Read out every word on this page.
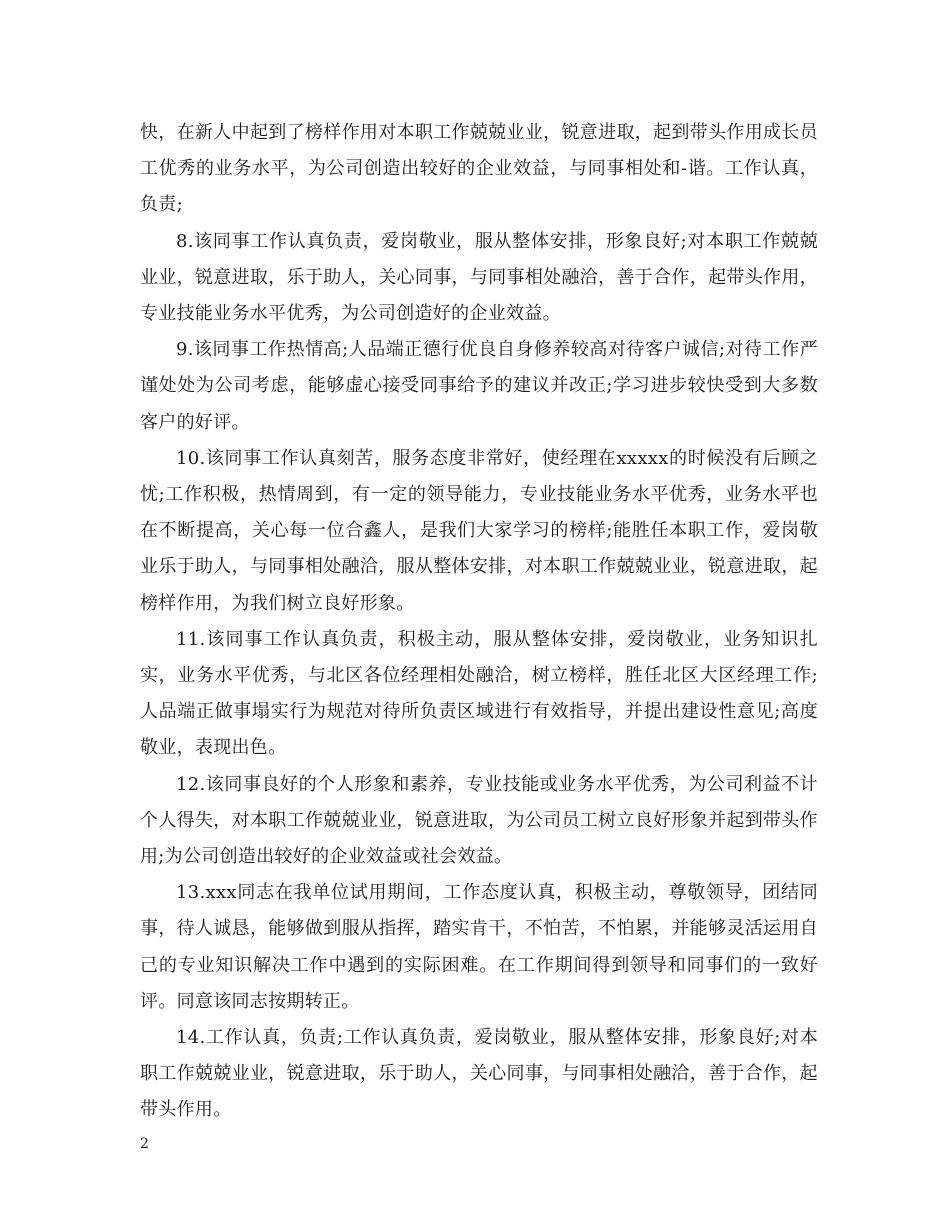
快，在新人中起到了榜样作用对本职工作兢兢业业，锐意进取，起到带头作用成长员工优秀的业务水平，为公司创造出较好的企业效益，与同事相处和-谐。工作认真，负责;

8.该同事工作认真负责，爱岗敬业，服从整体安排，形象良好;对本职工作兢兢业业，锐意进取，乐于助人，关心同事，与同事相处融洽，善于合作，起带头作用，专业技能业务水平优秀，为公司创造好的企业效益。

9.该同事工作热情高;人品端正德行优良自身修养较高对待客户诚信;对待工作严谨处处为公司考虑，能够虚心接受同事给予的建议并改正;学习进步较快受到大多数客户的好评。

10.该同事工作认真刻苦，服务态度非常好，使经理在xxxxx的时候没有后顾之忧;工作积极，热情周到，有一定的领导能力，专业技能业务水平优秀，业务水平也在不断提高，关心每一位合鑫人，是我们大家学习的榜样;能胜任本职工作，爱岗敬业乐于助人，与同事相处融洽，服从整体安排，对本职工作兢兢业业，锐意进取，起榜样作用，为我们树立良好形象。

11.该同事工作认真负责，积极主动，服从整体安排，爱岗敬业，业务知识扎实，业务水平优秀，与北区各位经理相处融洽，树立榜样，胜任北区大区经理工作;人品端正做事塌实行为规范对待所负责区域进行有效指导，并提出建设性意见;高度敬业，表现出色。

12.该同事良好的个人形象和素养，专业技能或业务水平优秀，为公司利益不计个人得失，对本职工作兢兢业业，锐意进取，为公司员工树立良好形象并起到带头作用;为公司创造出较好的企业效益或社会效益。

13.xxx同志在我单位试用期间，工作态度认真，积极主动，尊敬领导，团结同事，待人诚恳，能够做到服从指挥，踏实肯干，不怕苦，不怕累，并能够灵活运用自己的专业知识解决工作中遇到的实际困难。在工作期间得到领导和同事们的一致好评。同意该同志按期转正。

14.工作认真，负责;工作认真负责，爱岗敬业，服从整体安排，形象良好;对本职工作兢兢业业，锐意进取，乐于助人，关心同事，与同事相处融洽，善于合作，起带头作用。

2
